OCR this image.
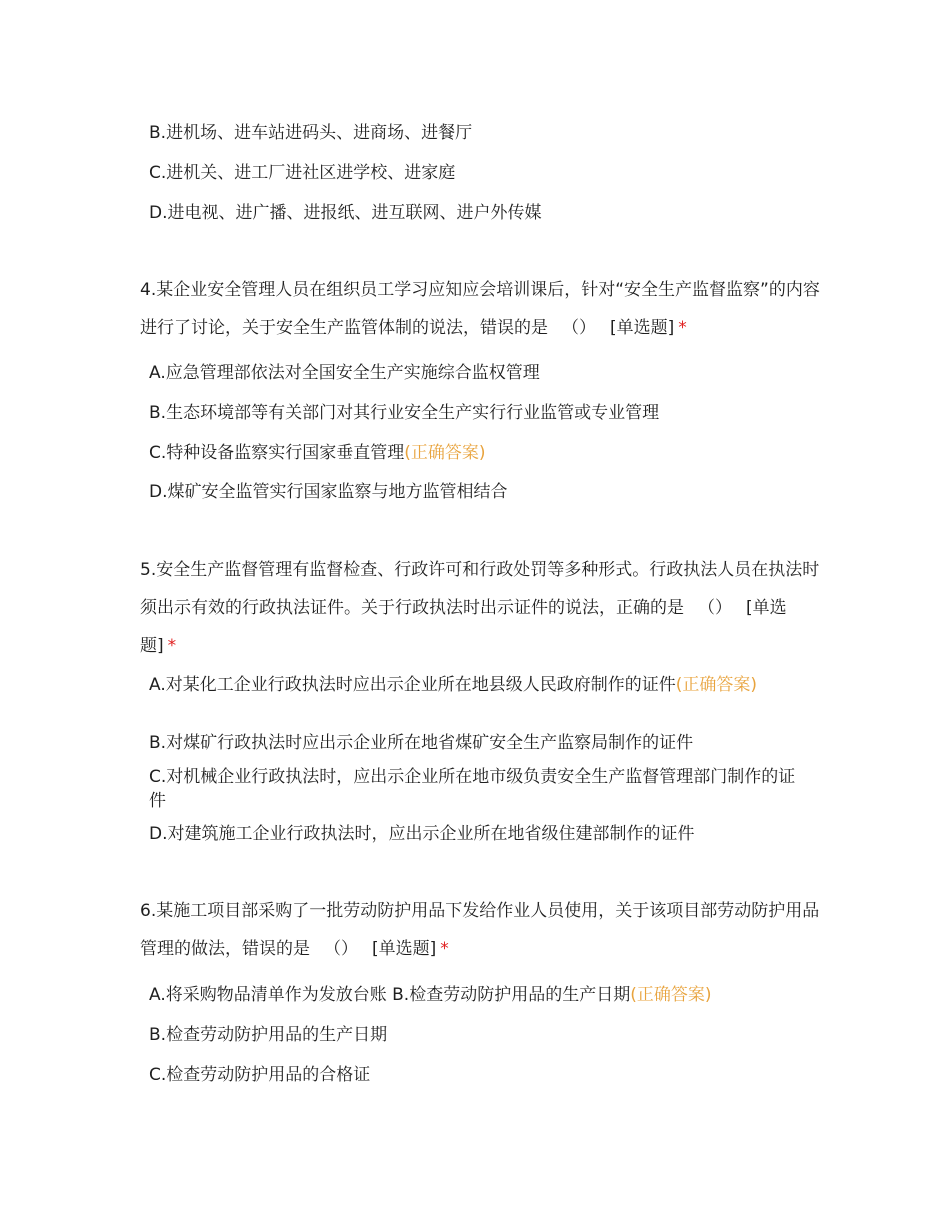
B.进机场、进车站进码头、进商场、进餐厅

C.进机关、进工厂进社区进学校、进家庭

D.进电视、进广播、进报纸、进互联网、进户外传媒

4.某企业安全管理人员在组织员工学习应知应会培训课后，针对“安全生产监督监察”的内容进行了讨论，关于安全生产监管体制的说法，错误的是 （） [单选题] *

A.应急管理部依法对全国安全生产实施综合监权管理

B.生态环境部等有关部门对其行业安全生产实行行业监管或专业管理

C.特种设备监察实行国家垂直管理(正确答案)

D.煤矿安全监管实行国家监察与地方监管相结合

5.安全生产监督管理有监督检查、行政许可和行政处罚等多种形式。行政执法人员在执法时须出示有效的行政执法证件。关于行政执法时出示证件的说法，正确的是 （） [单选题] *

A.对某化工企业行政执法时应出示企业所在地县级人民政府制作的证件(正确答案)

B.对煤矿行政执法时应出示企业所在地省煤矿安全生产监察局制作的证件

C.对机械企业行政执法时，应出示企业所在地市级负责安全生产监督管理部门制作的证件

D.对建筑施工企业行政执法时，应出示企业所在地省级住建部制作的证件

6.某施工项目部采购了一批劳动防护用品下发给作业人员使用，关于该项目部劳动防护用品管理的做法，错误的是 （） [单选题] *

A.将采购物品清单作为发放台账 B.检查劳动防护用品的生产日期(正确答案)

B.检查劳动防护用品的生产日期

C.检查劳动防护用品的合格证
